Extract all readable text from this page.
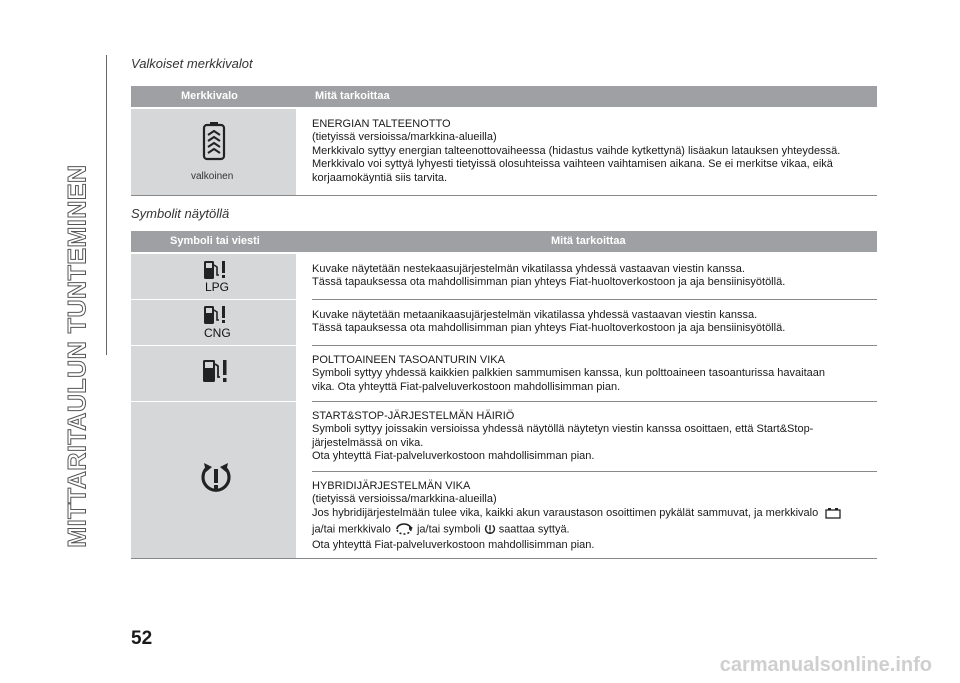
MITTARITAULUN TUNTEMINEN
Valkoiset merkkivalot
Merkkivalo	Mitä tarkoittaa
valkoinen
ENERGIAN TALTEENOTTO
(tietyissä versioissa/markkina-alueilla)
Merkkivalo syttyy energian talteenottovaiheessa (hidastus vaihde kytkettynä) lisäakun latauksen yhteydessä.
Merkkivalo voi syttyä lyhyesti tietyissä olosuhteissa vaihteen vaihtamisen aikana. Se ei merkitse vikaa, eikä
korjaamokäyntiä siis tarvita.
Symbolit näytöllä
Symboli tai viesti	Mitä tarkoittaa
LPG
CNG
Kuvake näytetään nestekaasujärjestelmän vikatilassa yhdessä vastaavan viestin kanssa.
Tässä tapauksessa ota mahdollisimman pian yhteys Fiat-huoltoverkostoon ja aja bensiinisyötöllä.
Kuvake näytetään metaanikaasujärjestelmän vikatilassa yhdessä vastaavan viestin kanssa.
Tässä tapauksessa ota mahdollisimman pian yhteys Fiat-huoltoverkostoon ja aja bensiinisyötöllä.
POLTTOAINEEN TASOANTURIN VIKA
Symboli syttyy yhdessä kaikkien palkkien sammumisen kanssa, kun polttoaineen tasoanturissa havaitaan
vika. Ota yhteyttä Fiat-palveluverkostoon mahdollisimman pian.
START&STOP-JÄRJESTELMÄN HÄIRIÖ
Symboli syttyy joissakin versioissa yhdessä näytöllä näytetyn viestin kanssa osoittaen, että Start&Stop-
järjestelmässä on vika.
Ota yhteyttä Fiat-palveluverkostoon mahdollisimman pian.
HYBRIDIJÄRJESTELMÄN VIKA
(tietyissä versioissa/markkina-alueilla)
Jos hybridijärjestelmään tulee vika, kaikki akun varaustason osoittimen pykälät sammuvat, ja merkkivalo
ja/tai merkkivalo ja/tai symboli saattaa syttyä.
Ota yhteyttä Fiat-palveluverkostoon mahdollisimman pian.
52
carmanualsonline.info
